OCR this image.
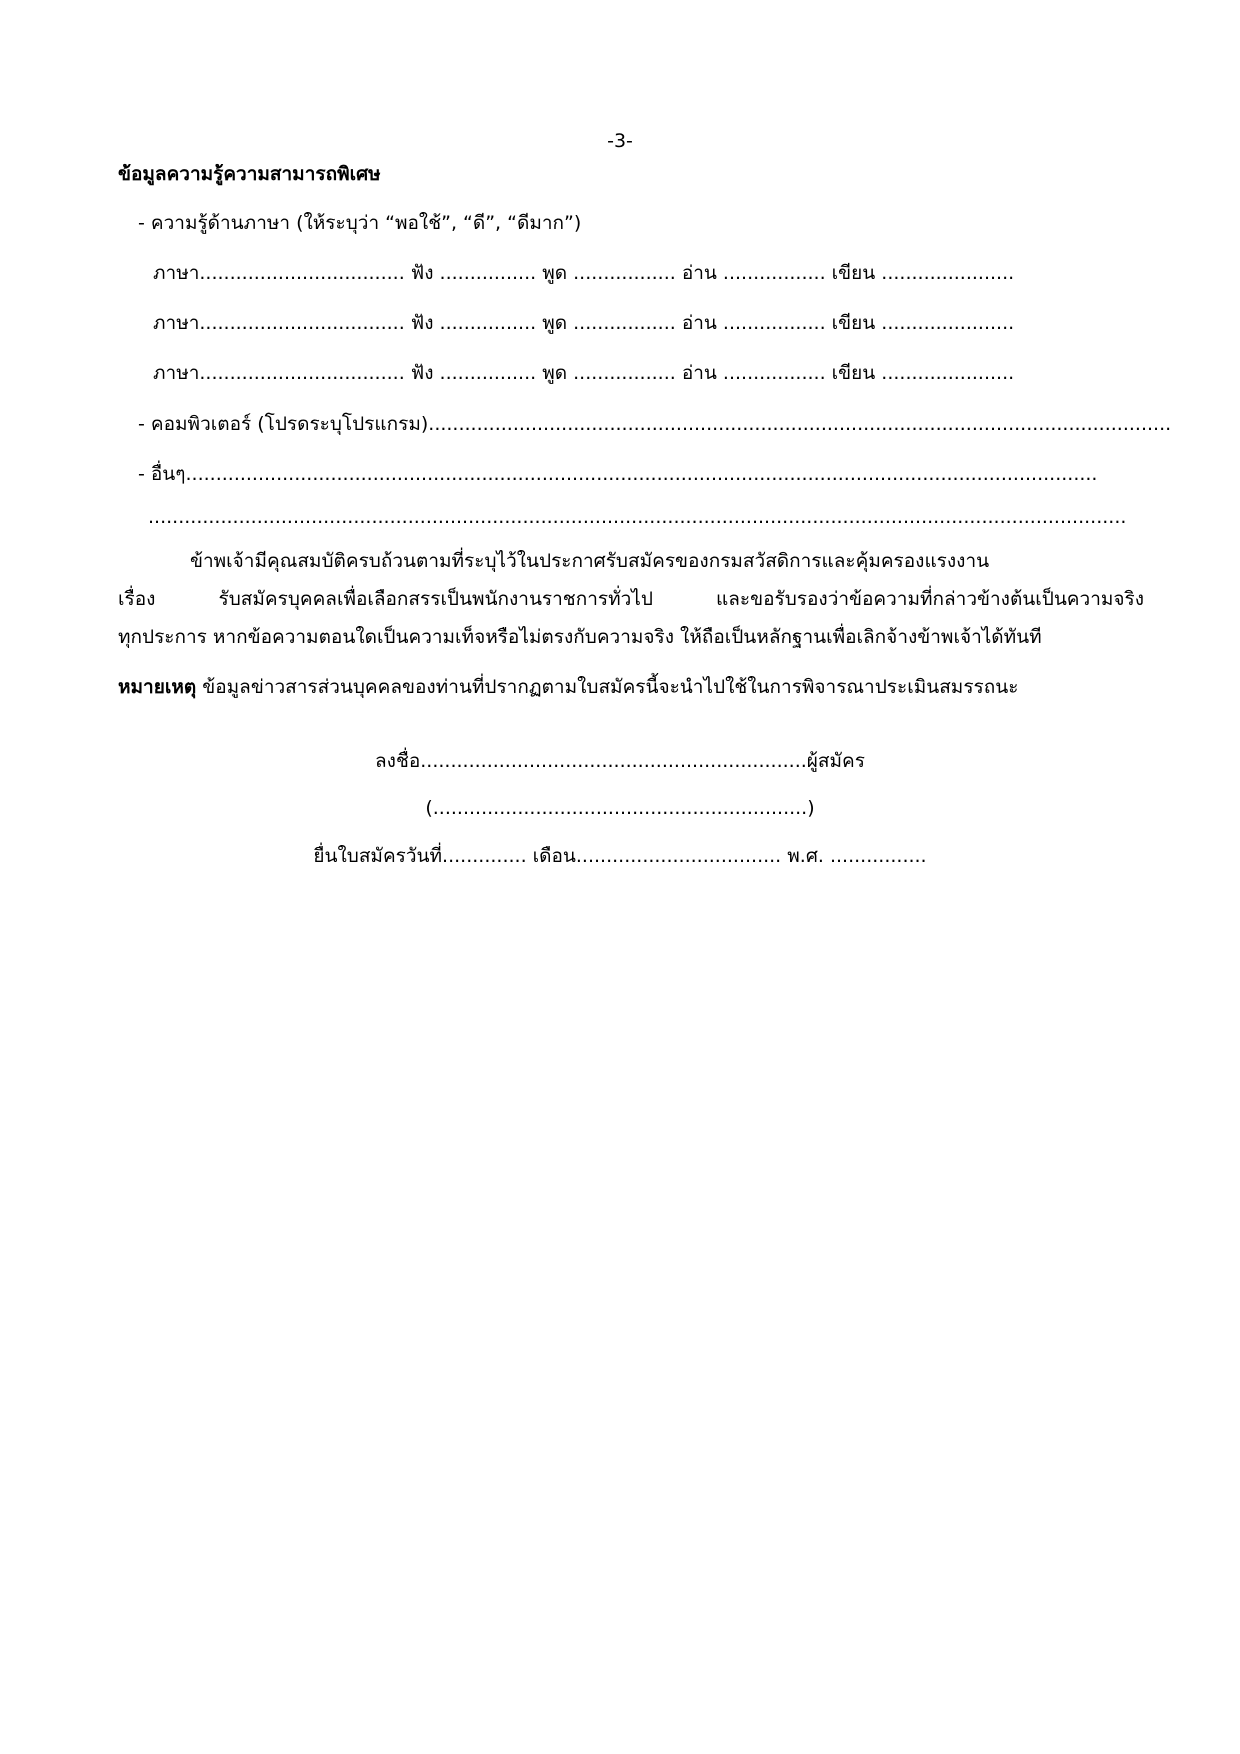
-3-
ข้อมูลความรู้ความสามารถพิเศษ
- ความรู้ด้านภาษา (ให้ระบุว่า “พอใช้”, “ดี”, “ดีมาก”)
ภาษา.................................. ฟัง ................ พูด ................. อ่าน ................. เขียน ......................
ภาษา.................................. ฟัง ................ พูด ................. อ่าน ................. เขียน ......................
ภาษา.................................. ฟัง ................ พูด ................. อ่าน ................. เขียน ......................
- คอมพิวเตอร์ (โปรดระบุโปรแกรม)...........................................................................................................................
- อื่นๆ.......................................................................................................................................................
..................................................................................................................................................................
ข้าพเจ้ามีคุณสมบัติครบถ้วนตามที่ระบุไว้ในประกาศรับสมัครของกรมสวัสดิการและคุ้มครองแรงงาน
เรื่อง รับสมัครบุคคลเพื่อเลือกสรรเป็นพนักงานราชการทั่วไป และขอรับรองว่าข้อความที่กล่าวข้างต้นเป็นความจริง
ทุกประการ หากข้อความตอนใดเป็นความเท็จหรือไม่ตรงกับความจริง ให้ถือเป็นหลักฐานเพื่อเลิกจ้างข้าพเจ้าได้ทันที
หมายเหตุ ข้อมูลข่าวสารส่วนบุคคลของท่านที่ปรากฏตามใบสมัครนี้จะนำไปใช้ในการพิจารณาประเมินสมรรถนะ
ลงชื่อ................................................................ผู้สมัคร
(..............................................................)
ยื่นใบสมัครวันที่.............. เดือน.................................. พ.ศ. ................
